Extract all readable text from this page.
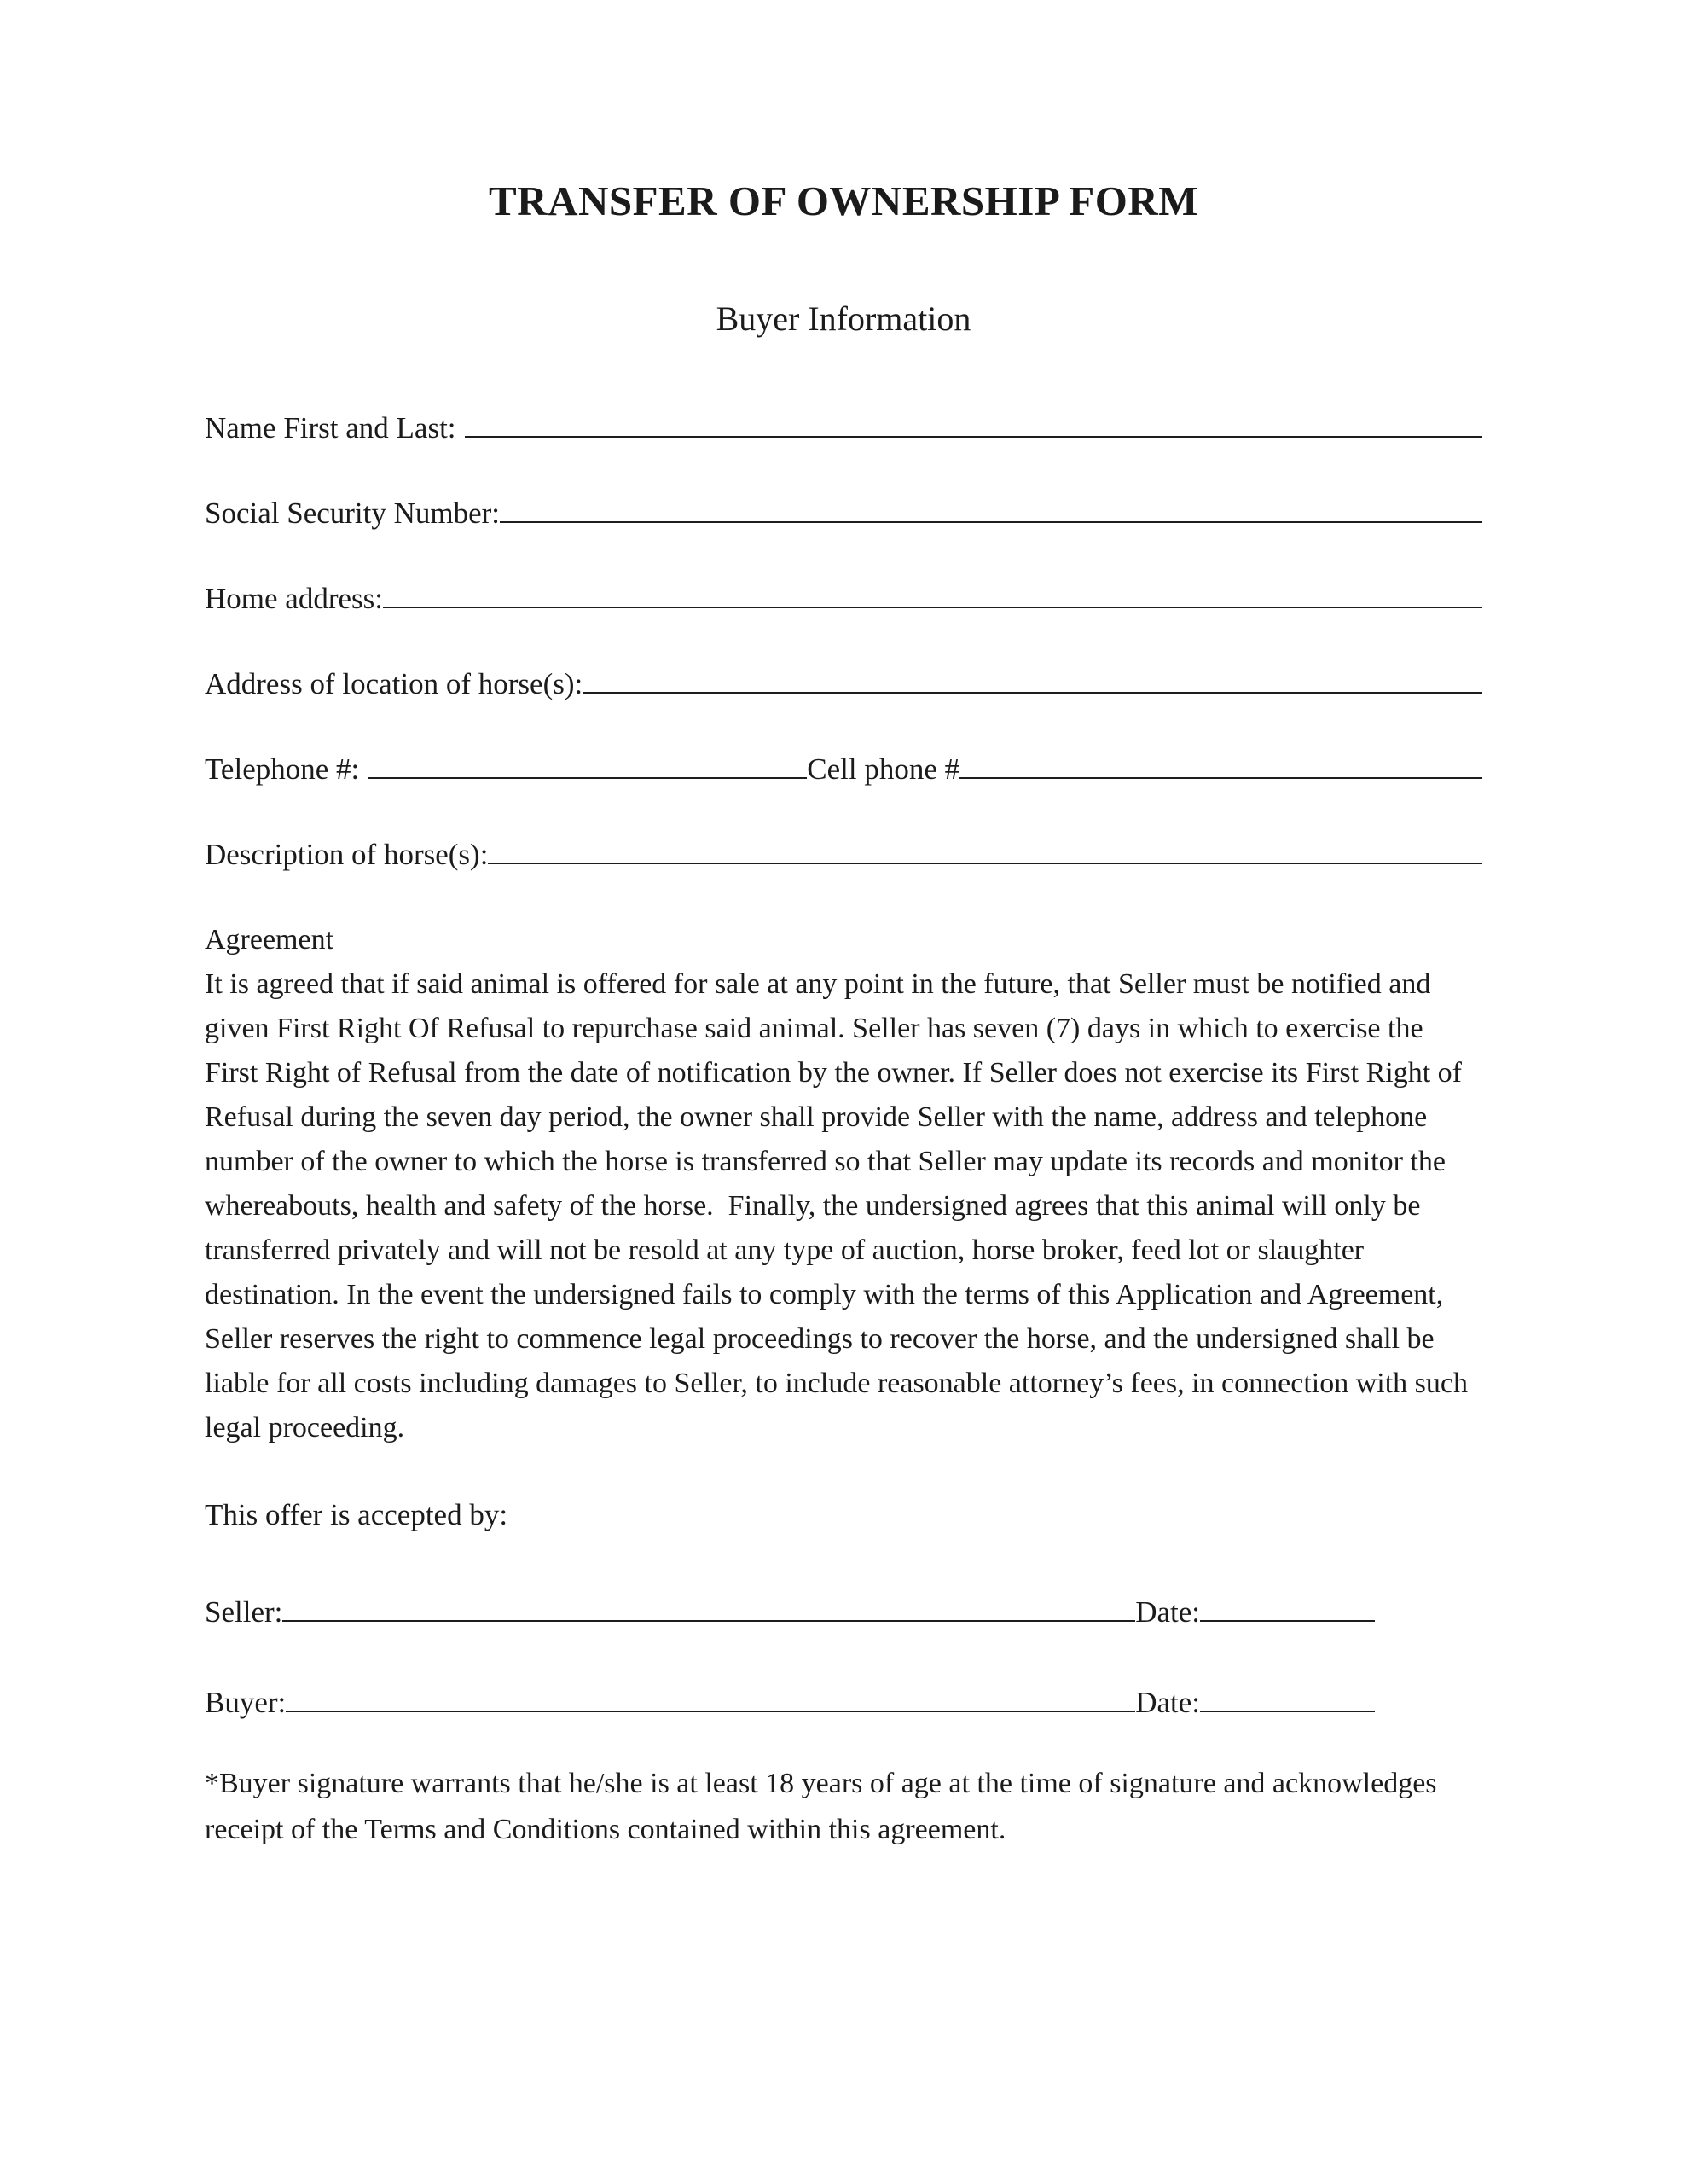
TRANSFER OF OWNERSHIP FORM
Buyer Information
Name First and Last:
Social Security Number:
Home address:
Address of location of horse(s):
Telephone #:	Cell phone #
Description of horse(s):
Agreement

It is agreed that if said animal is offered for sale at any point in the future, that Seller must be notified and given First Right Of Refusal to repurchase said animal. Seller has seven (7) days in which to exercise the First Right of Refusal from the date of notification by the owner. If Seller does not exercise its First Right of Refusal during the seven day period, the owner shall provide Seller with the name, address and telephone number of the owner to which the horse is transferred so that Seller may update its records and monitor the whereabouts, health and safety of the horse.  Finally, the undersigned agrees that this animal will only be transferred privately and will not be resold at any type of auction, horse broker, feed lot or slaughter destination. In the event the undersigned fails to comply with the terms of this Application and Agreement, Seller reserves the right to commence legal proceedings to recover the horse, and the undersigned shall be liable for all costs including damages to Seller, to include reasonable attorney’s fees, in connection with such legal proceeding.

This offer is accepted by:
Seller:	Date:
Buyer:	Date:

*Buyer signature warrants that he/she is at least 18 years of age at the time of signature and acknowledges receipt of the Terms and Conditions contained within this agreement.
